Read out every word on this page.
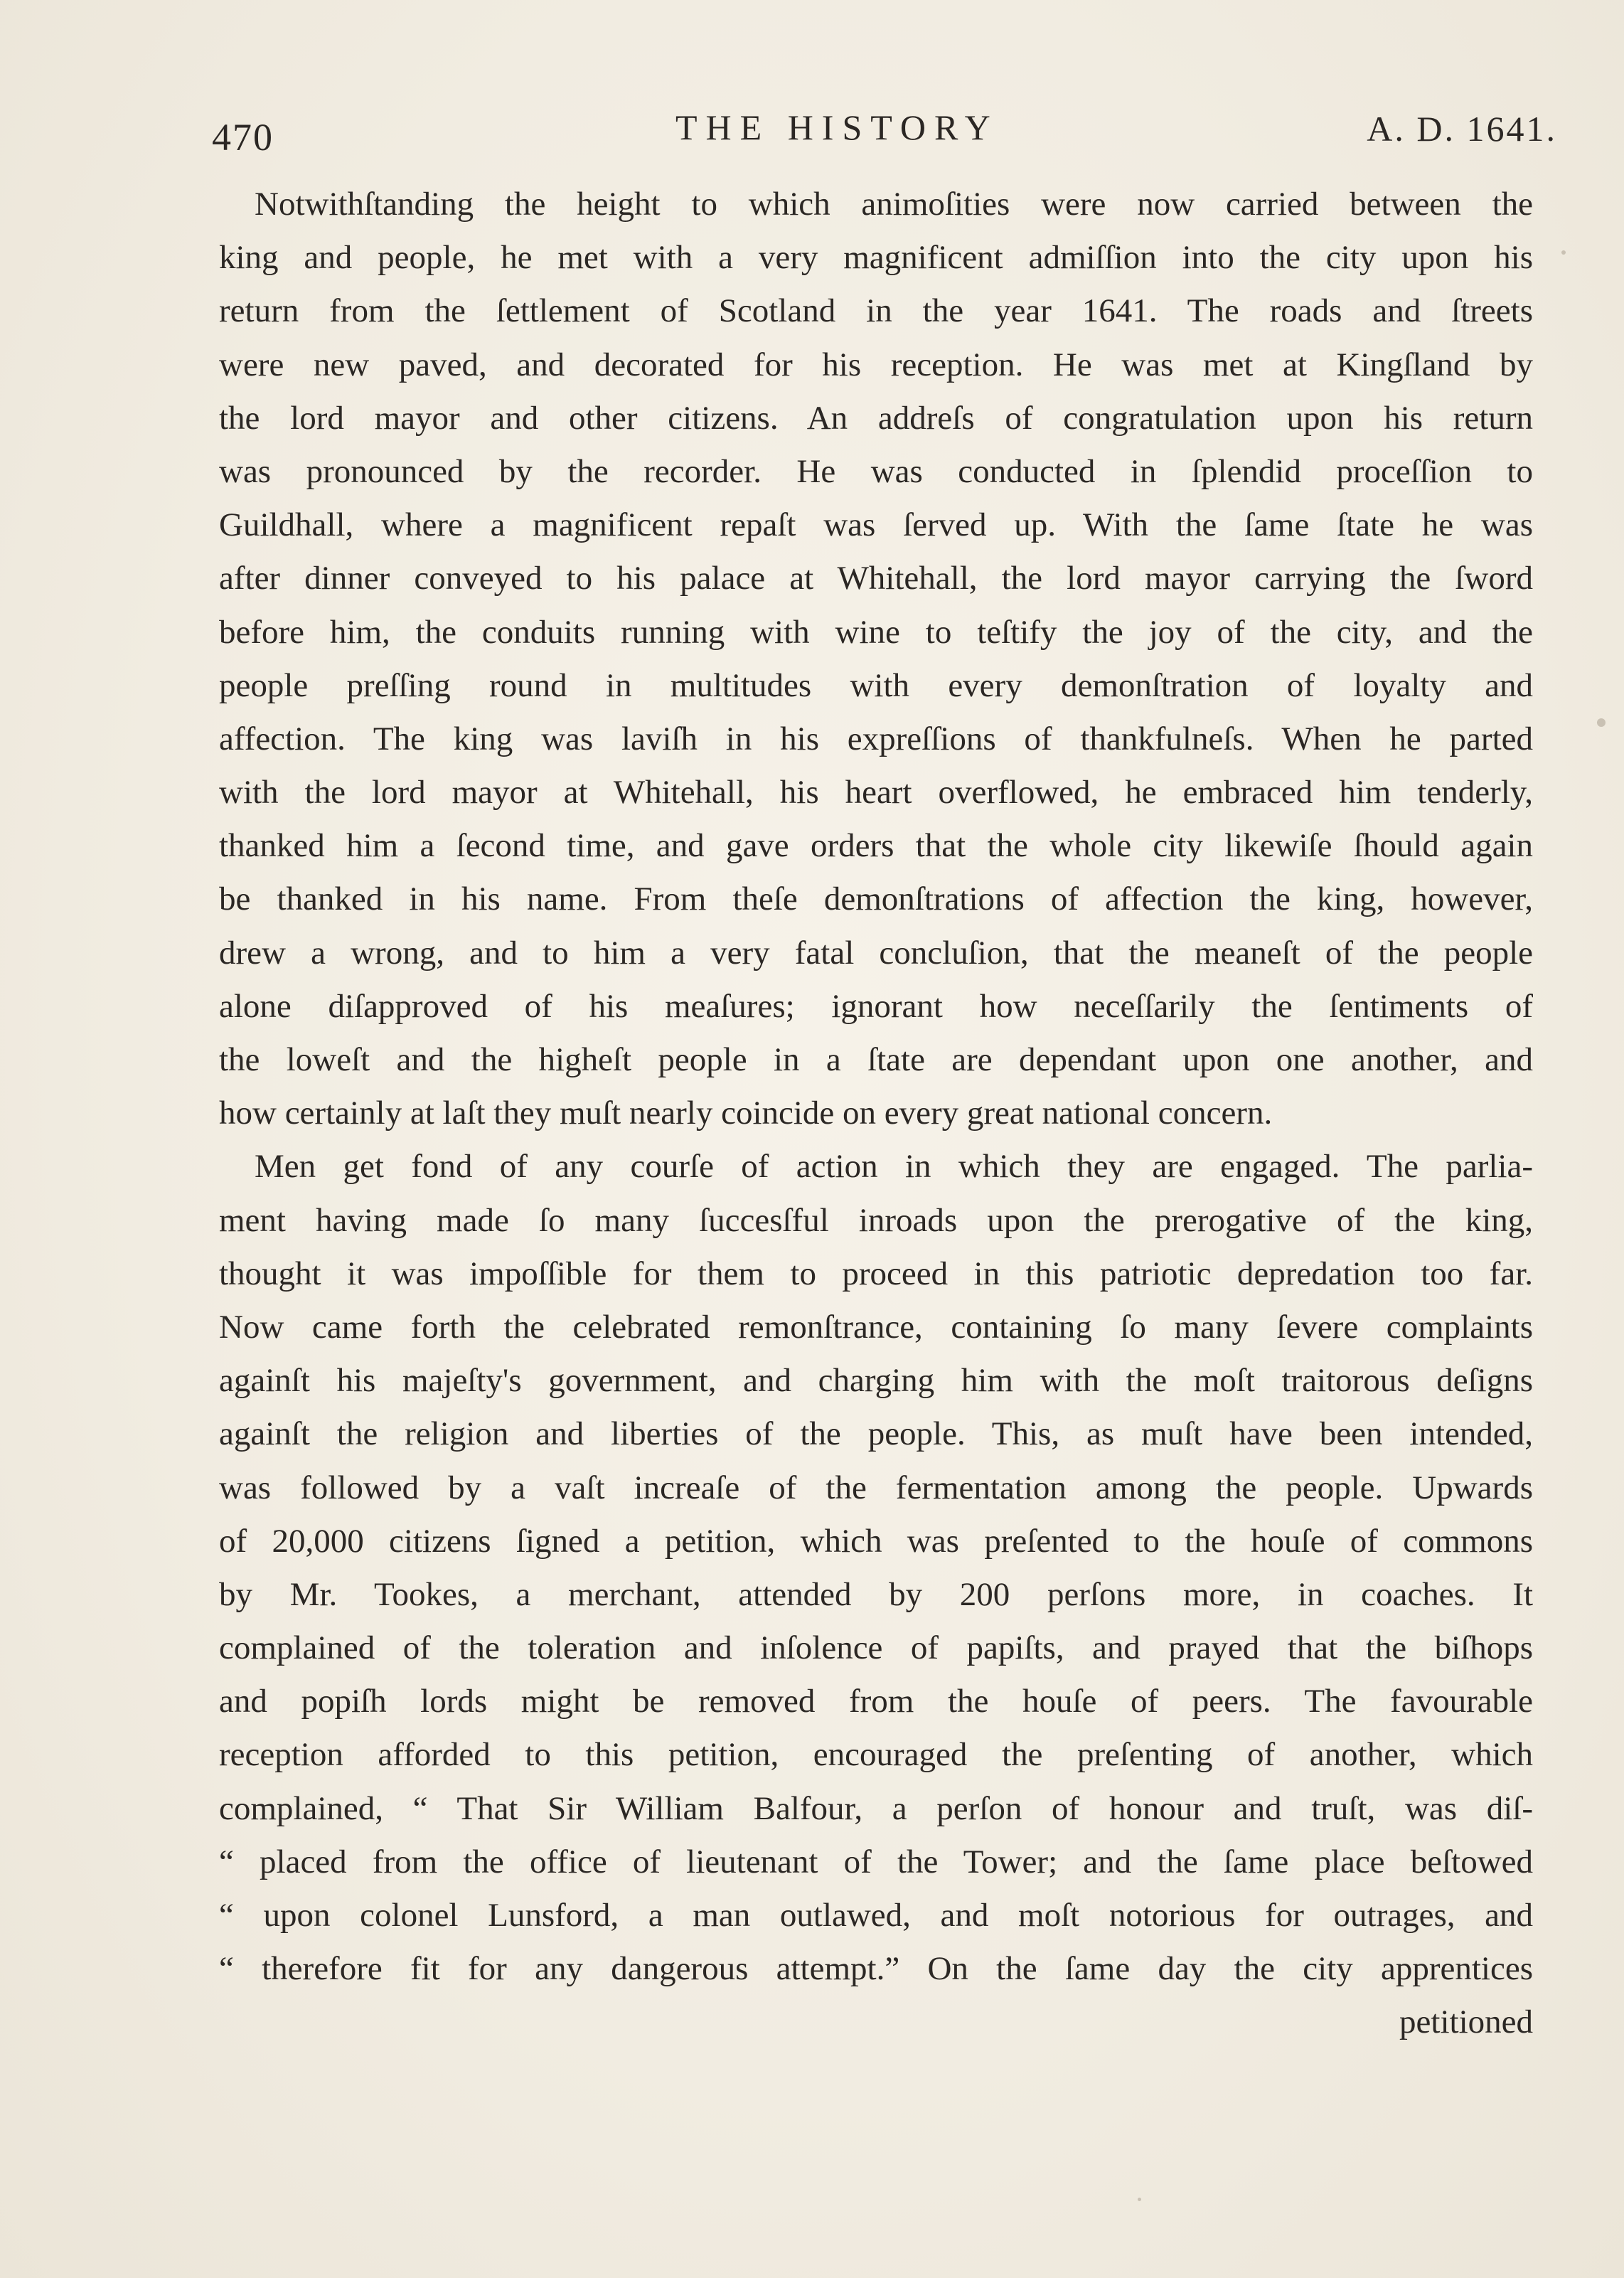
470	THE HISTORY	A. D. 1641.
Notwithſtanding the height to which animoſities were now carried between the
king and people, he met with a very magnificent admiſſion into the city upon his
return from the ſettlement of Scotland in the year 1641. The roads and ſtreets
were new paved, and decorated for his reception. He was met at Kingſland by
the lord mayor and other citizens. An addreſs of congratulation upon his return
was pronounced by the recorder. He was conducted in ſplendid proceſſion to
Guildhall, where a magnificent repaſt was ſerved up. With the ſame ſtate he was
after dinner conveyed to his palace at Whitehall, the lord mayor carrying the ſword
before him, the conduits running with wine to teſtify the joy of the city, and the
people preſſing round in multitudes with every demonſtration of loyalty and
affection. The king was laviſh in his expreſſions of thankfulneſs. When he parted
with the lord mayor at Whitehall, his heart overflowed, he embraced him tenderly,
thanked him a ſecond time, and gave orders that the whole city likewiſe ſhould again
be thanked in his name. From theſe demonſtrations of affection the king, however,
drew a wrong, and to him a very fatal concluſion, that the meaneſt of the people
alone diſapproved of his meaſures; ignorant how neceſſarily the ſentiments of
the loweſt and the higheſt people in a ſtate are dependant upon one another, and
how certainly at laſt they muſt nearly coincide on every great national concern.
Men get fond of any courſe of action in which they are engaged. The parlia-
ment having made ſo many ſuccesſful inroads upon the prerogative of the king,
thought it was impoſſible for them to proceed in this patriotic depredation too far.
Now came forth the celebrated remonſtrance, containing ſo many ſevere complaints
againſt his majeſty's government, and charging him with the moſt traitorous deſigns
againſt the religion and liberties of the people. This, as muſt have been intended,
was followed by a vaſt increaſe of the fermentation among the people. Upwards
of 20,000 citizens ſigned a petition, which was preſented to the houſe of commons
by Mr. Tookes, a merchant, attended by 200 perſons more, in coaches. It
complained of the toleration and inſolence of papiſts, and prayed that the biſhops
and popiſh lords might be removed from the houſe of peers. The favourable
reception afforded to this petition, encouraged the preſenting of another, which
complained, “ That Sir William Balfour, a perſon of honour and truſt, was diſ-
“ placed from the office of lieutenant of the Tower; and the ſame place beſtowed
“ upon colonel Lunsford, a man outlawed, and moſt notorious for outrages, and
“ therefore fit for any dangerous attempt.” On the ſame day the city apprentices
petitioned
